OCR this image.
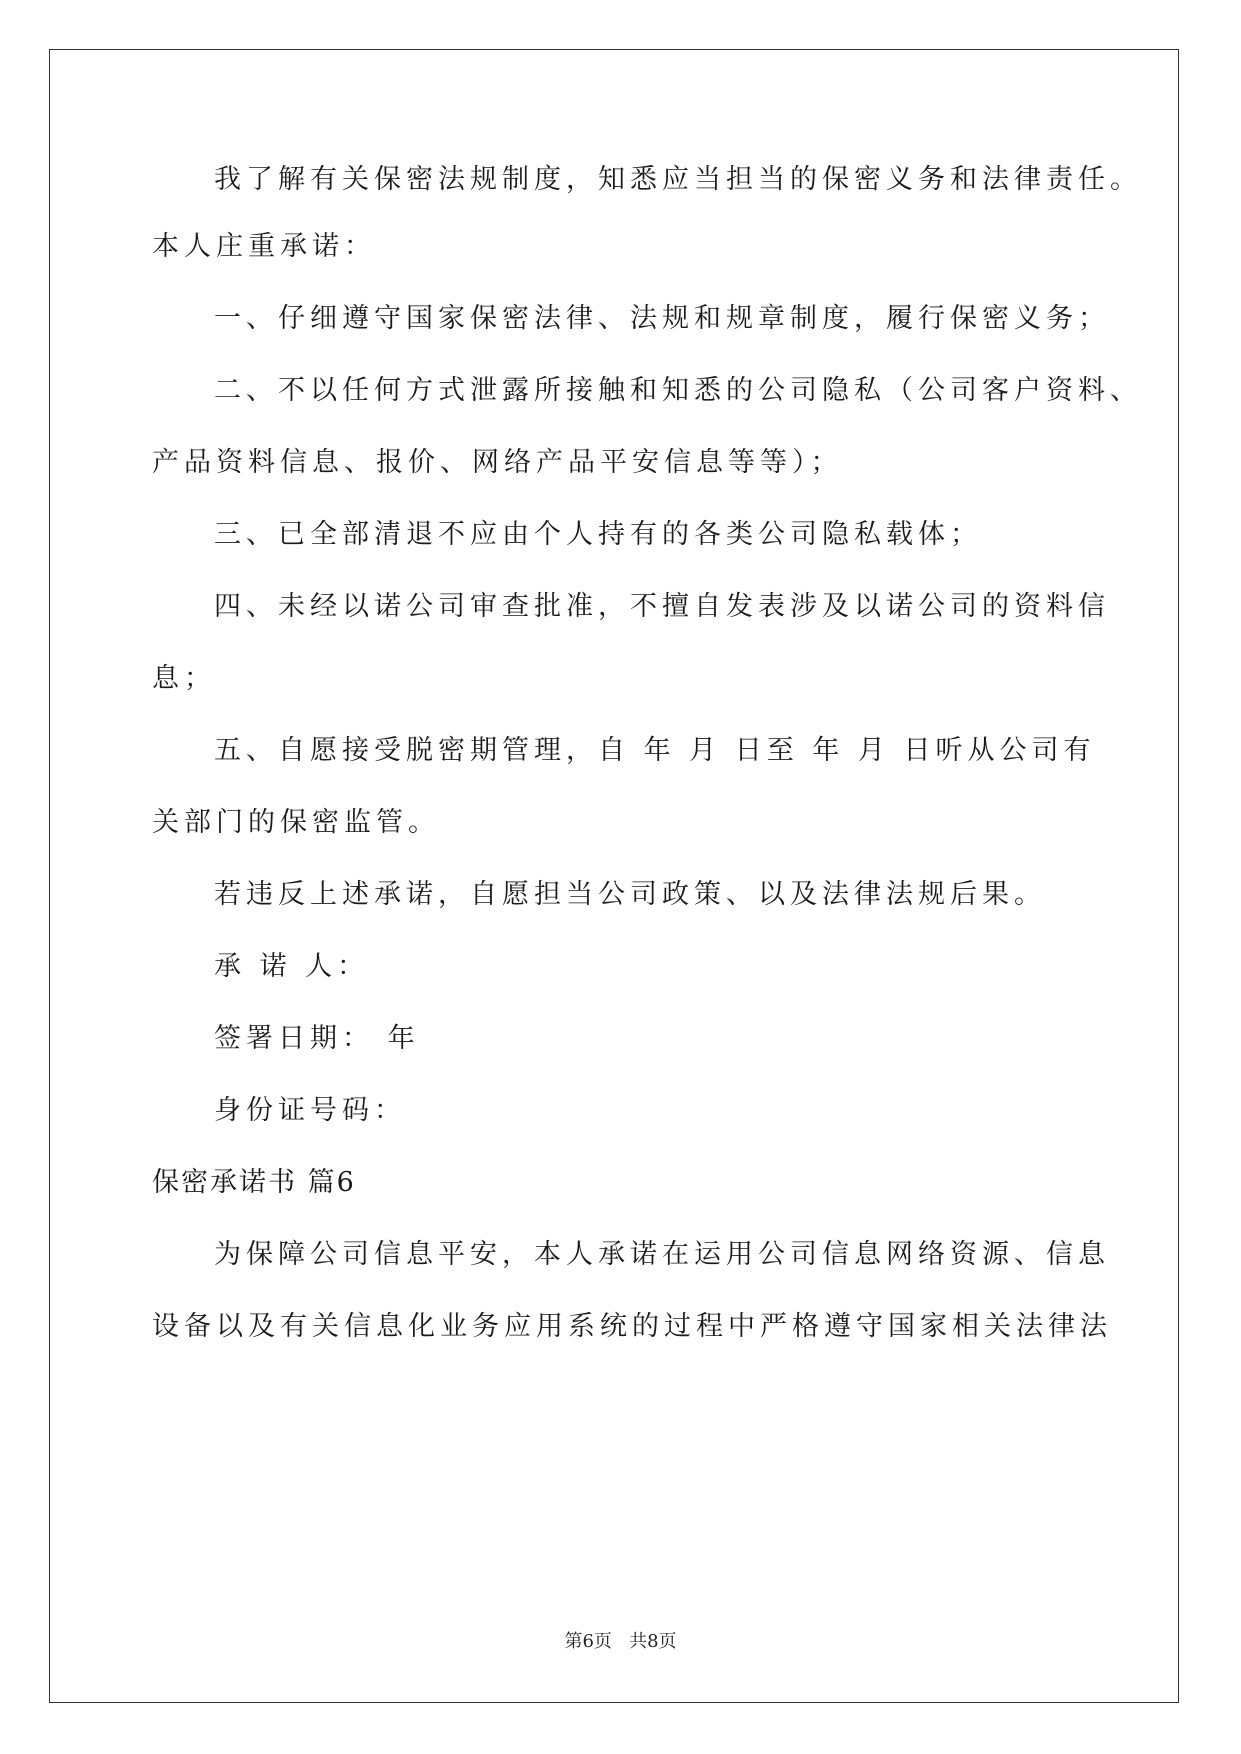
我了解有关保密法规制度，知悉应当担当的保密义务和法律责任。
本人庄重承诺：
一、仔细遵守国家保密法律、法规和规章制度，履行保密义务；
二、不以任何方式泄露所接触和知悉的公司隐私（公司客户资料、
产品资料信息、报价、网络产品平安信息等等）；
三、已全部清退不应由个人持有的各类公司隐私载体；
四、未经以诺公司审查批准，不擅自发表涉及以诺公司的资料信
息；
五、自愿接受脱密期管理，自 年 月 日至 年 月 日听从公司有
关部门的保密监管。
若违反上述承诺，自愿担当公司政策、以及法律法规后果。
承 诺 人：
签署日期： 年
身份证号码：
保密承诺书 篇6
为保障公司信息平安，本人承诺在运用公司信息网络资源、信息
设备以及有关信息化业务应用系统的过程中严格遵守国家相关法律法
第6页 共8页
